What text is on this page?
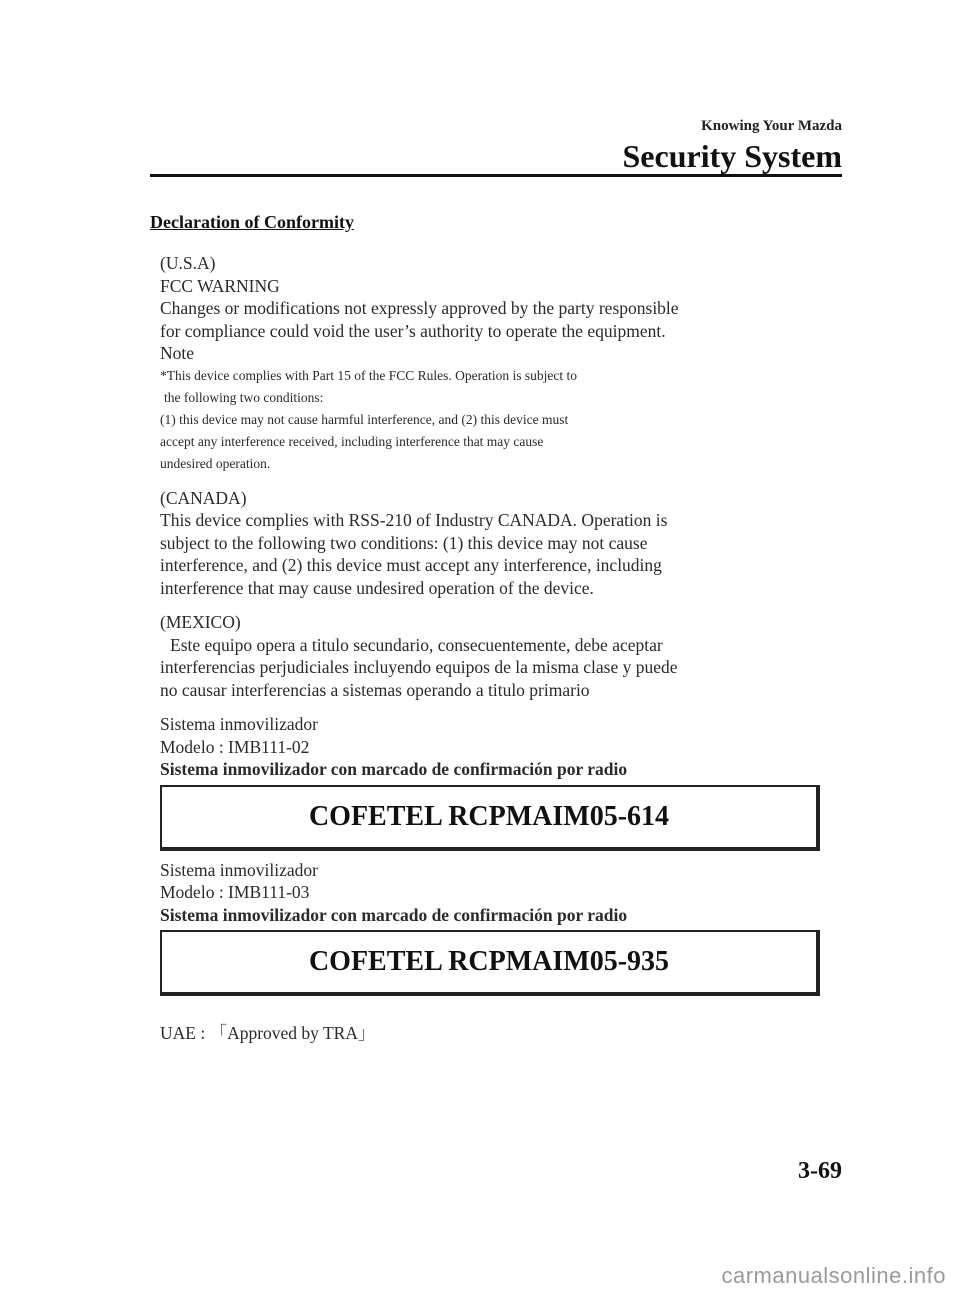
Knowing Your Mazda
Security System
Declaration of Conformity
(U.S.A)
FCC WARNING
Changes or modifications not expressly approved by the party responsible
for compliance could void the user’s authority to operate the equipment.
Note
*This device complies with Part 15 of the FCC Rules. Operation is subject to
the following two conditions:
(1) this device may not cause harmful interference, and (2) this device must
accept any interference received, including interference that may cause
undesired operation.
(CANADA)
This device complies with RSS-210 of Industry CANADA. Operation is
subject to the following two conditions: (1) this device may not cause
interference, and (2) this device must accept any interference, including
interference that may cause undesired operation of the device.
(MEXICO)
Este equipo opera a titulo secundario, consecuentemente, debe aceptar
interferencias perjudiciales incluyendo equipos de la misma clase y puede
no causar interferencias a sistemas operando a titulo primario
Sistema inmovilizador
Modelo : IMB111-02
Sistema inmovilizador con marcado de confirmación por radio
COFETEL RCPMAIM05-614
Sistema inmovilizador
Modelo : IMB111-03
Sistema inmovilizador con marcado de confirmación por radio
COFETEL RCPMAIM05-935
UAE : 「Approved by TRA」
3-69
carmanualsonline.info
